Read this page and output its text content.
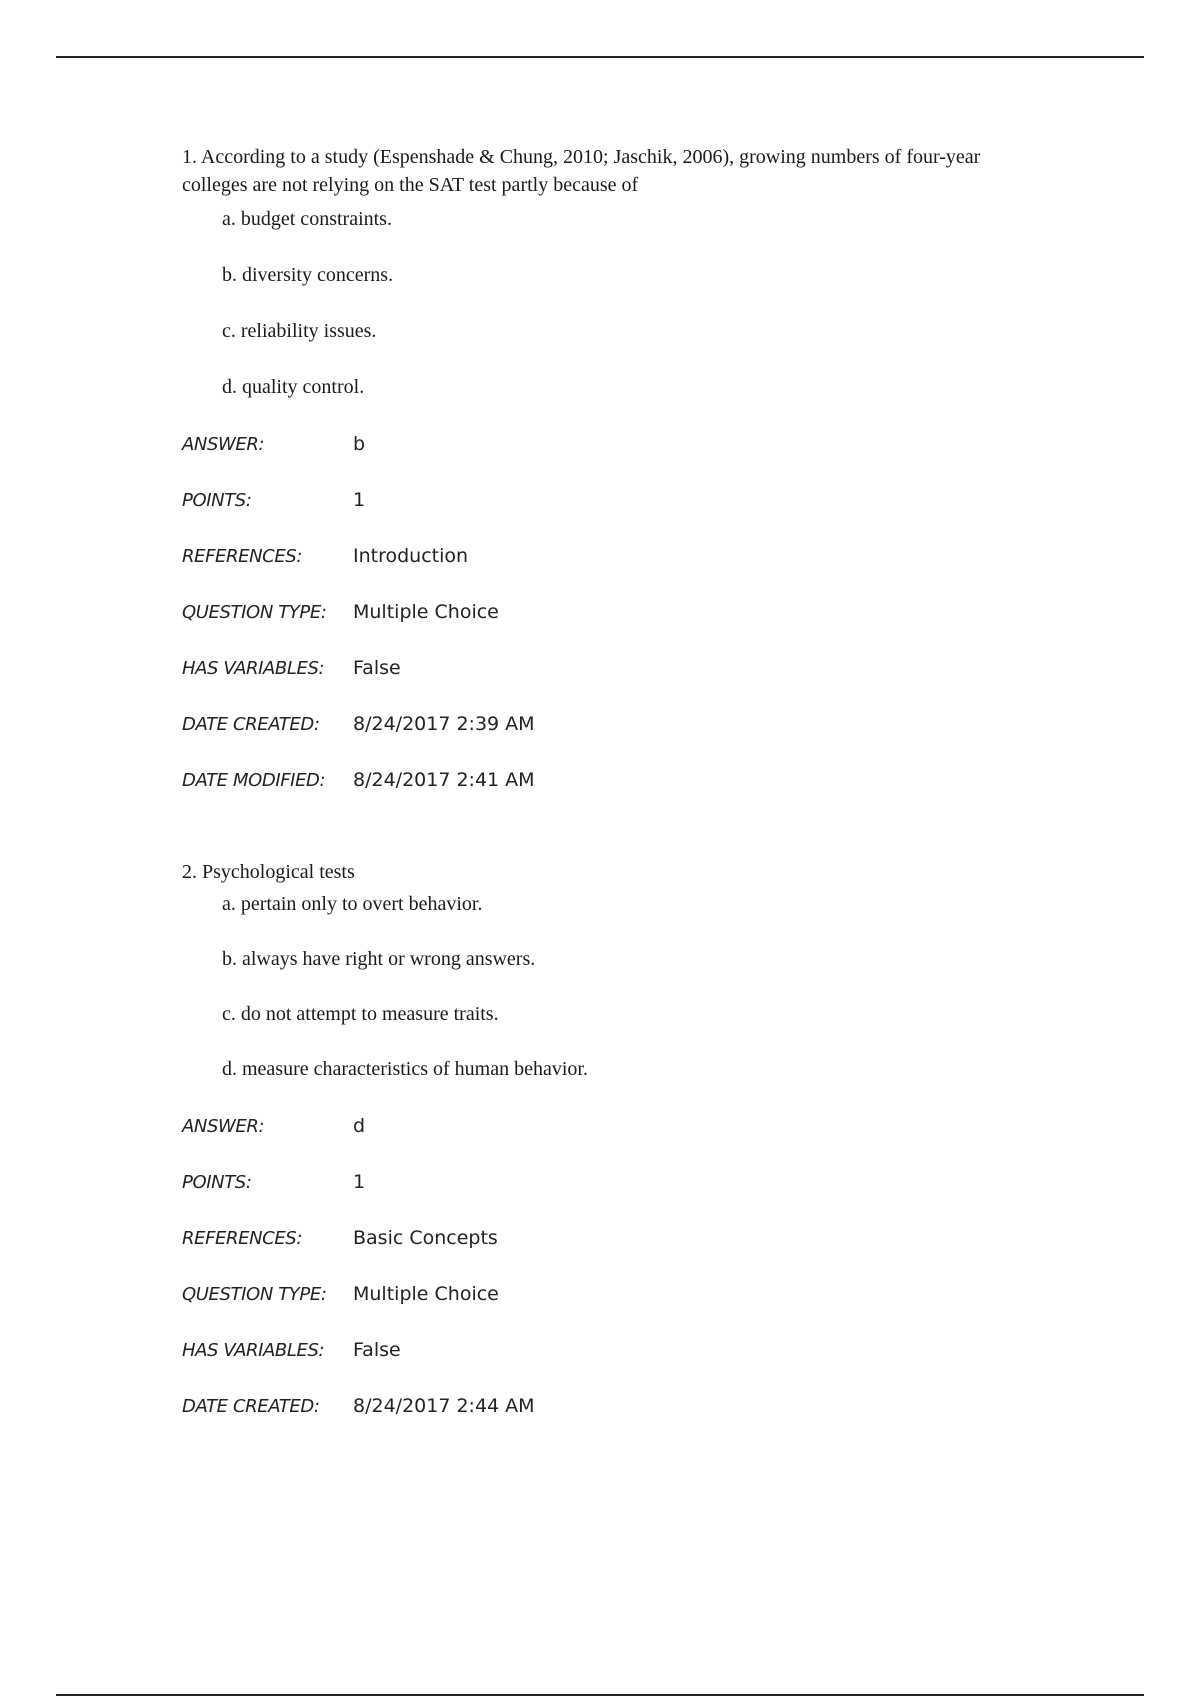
1. According to a study (Espenshade & Chung, 2010; Jaschik, 2006), growing numbers of four-year colleges are not relying on the SAT test partly because of

a. budget constraints.
b. diversity concerns.
c. reliability issues.
d. quality control.
ANSWER:	b
POINTS:	1
REFERENCES:	Introduction
QUESTION TYPE:	Multiple Choice
HAS VARIABLES:	False
DATE CREATED:	8/24/2017 2:39 AM
DATE MODIFIED:	8/24/2017 2:41 AM

2. Psychological tests

a. pertain only to overt behavior.
b. always have right or wrong answers.
c. do not attempt to measure traits.
d. measure characteristics of human behavior.
ANSWER:	d
POINTS:	1
REFERENCES:	Basic Concepts
QUESTION TYPE:	Multiple Choice
HAS VARIABLES:	False
DATE CREATED:	8/24/2017 2:44 AM
